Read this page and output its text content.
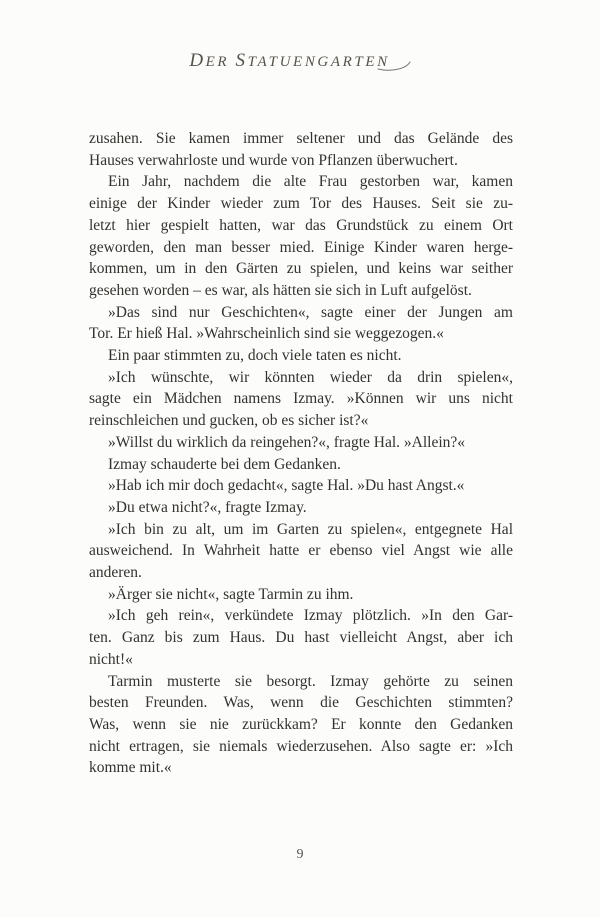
DER STATUENGARTEN
zusahen. Sie kamen immer seltener und das Gelände des
Hauses verwahrloste und wurde von Pflanzen überwuchert.
Ein Jahr, nachdem die alte Frau gestorben war, kamen
einige der Kinder wieder zum Tor des Hauses. Seit sie zu-
letzt hier gespielt hatten, war das Grundstück zu einem Ort
geworden, den man besser mied. Einige Kinder waren herge-
kommen, um in den Gärten zu spielen, und keins war seither
gesehen worden – es war, als hätten sie sich in Luft aufgelöst.
»Das sind nur Geschichten«, sagte einer der Jungen am
Tor. Er hieß Hal. »Wahrscheinlich sind sie weggezogen.«
Ein paar stimmten zu, doch viele taten es nicht.
»Ich wünschte, wir könnten wieder da drin spielen«,
sagte ein Mädchen namens Izmay. »Können wir uns nicht
reinschleichen und gucken, ob es sicher ist?«
»Willst du wirklich da reingehen?«, fragte Hal. »Allein?«
Izmay schauderte bei dem Gedanken.
»Hab ich mir doch gedacht«, sagte Hal. »Du hast Angst.«
»Du etwa nicht?«, fragte Izmay.
»Ich bin zu alt, um im Garten zu spielen«, entgegnete Hal
ausweichend. In Wahrheit hatte er ebenso viel Angst wie alle
anderen.
»Ärger sie nicht«, sagte Tarmin zu ihm.
»Ich geh rein«, verkündete Izmay plötzlich. »In den Gar-
ten. Ganz bis zum Haus. Du hast vielleicht Angst, aber ich
nicht!«
Tarmin musterte sie besorgt. Izmay gehörte zu seinen
besten Freunden. Was, wenn die Geschichten stimmten?
Was, wenn sie nie zurückkam? Er konnte den Gedanken
nicht ertragen, sie niemals wiederzusehen. Also sagte er: »Ich
komme mit.«
9
